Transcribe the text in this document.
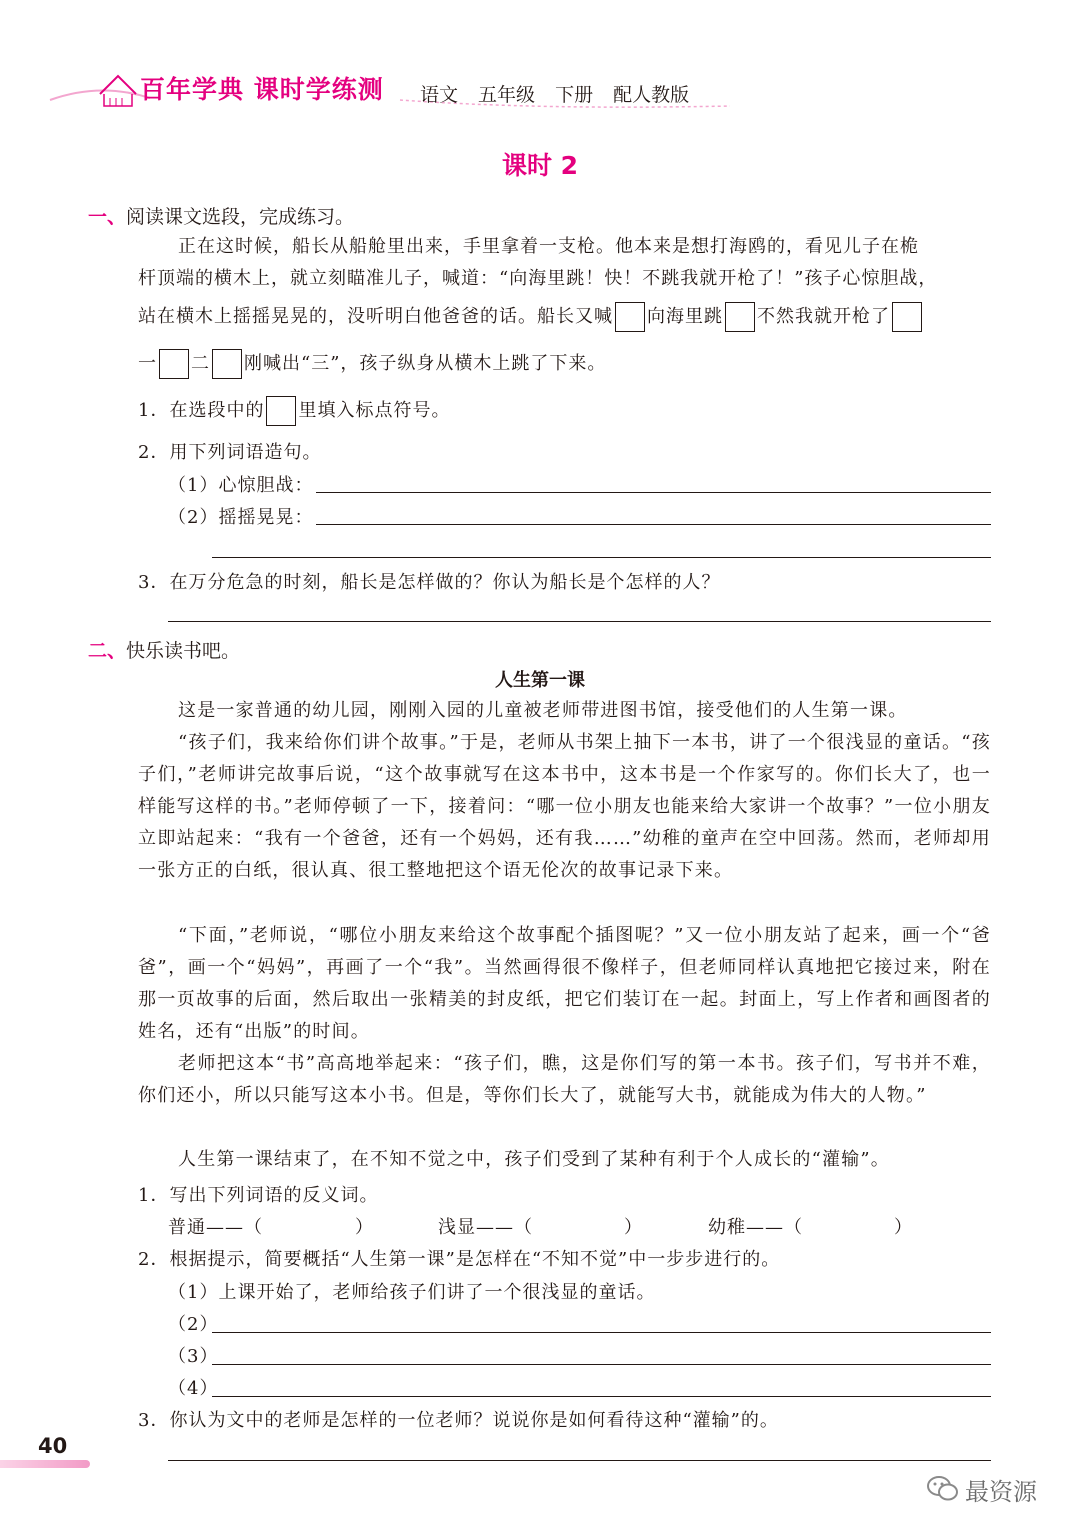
百年学典 课时学练测 语文 五年级 下册 配人教版
课时 2
一、阅读课文选段，完成练习。
正在这时候，船长从船舱里出来，手里拿着一支枪。他本来是想打海鸥的，看见儿子在桅
杆顶端的横木上，就立刻瞄准儿子，喊道：“向海里跳！快！不跳我就开枪了！”孩子心惊胆战，
站在横木上摇摇晃晃的，没听明白他爸爸的话。船长又喊 向海里跳 不然我就开枪了
一 二 刚喊出“三”，孩子纵身从横木上跳了下来。
1．在选段中的 里填入标点符号。
2．用下列词语造句。
（1）心惊胆战：
（2）摇摇晃晃：
3．在万分危急的时刻，船长是怎样做的？你认为船长是个怎样的人？
二、快乐读书吧。
人生第一课
这是一家普通的幼儿园，刚刚入园的儿童被老师带进图书馆，接受他们的人生第一课。
“孩子们，我来给你们讲个故事。”于是，老师从书架上抽下一本书，讲了一个很浅显的童话。“孩子们，”老师讲完故事后说，“这个故事就写在这本书中，这本书是一个作家写的。你们长大了，也一样能写这样的书。”老师停顿了一下，接着问：“哪一位小朋友也能来给大家讲一个故事？”一位小朋友立即站起来：“我有一个爸爸，还有一个妈妈，还有我……”幼稚的童声在空中回荡。然而，老师却用一张方正的白纸，很认真、很工整地把这个语无伦次的故事记录下来。
“下面，”老师说，“哪位小朋友来给这个故事配个插图呢？”又一位小朋友站了起来，画一个“爸爸”，画一个“妈妈”，再画了一个“我”。当然画得很不像样子，但老师同样认真地把它接过来，附在那一页故事的后面，然后取出一张精美的封皮纸，把它们装订在一起。封面上，写上作者和画图者的姓名，还有“出版”的时间。
老师把这本“书”高高地举起来：“孩子们，瞧，这是你们写的第一本书。孩子们，写书并不难，你们还小，所以只能写这本小书。但是，等你们长大了，就能写大书，就能成为伟大的人物。”
人生第一课结束了，在不知不觉之中，孩子们受到了某种有利于个人成长的“灌输”。
1．写出下列词语的反义词。
普通——（	）	浅显——（	）	幼稚——（	）
2．根据提示，简要概括“人生第一课”是怎样在“不知不觉”中一步步进行的。
（1）上课开始了，老师给孩子们讲了一个很浅显的童话。
（2）
（3）
（4）
3．你认为文中的老师是怎样的一位老师？说说你是如何看待这种“灌输”的。
40
最资源
